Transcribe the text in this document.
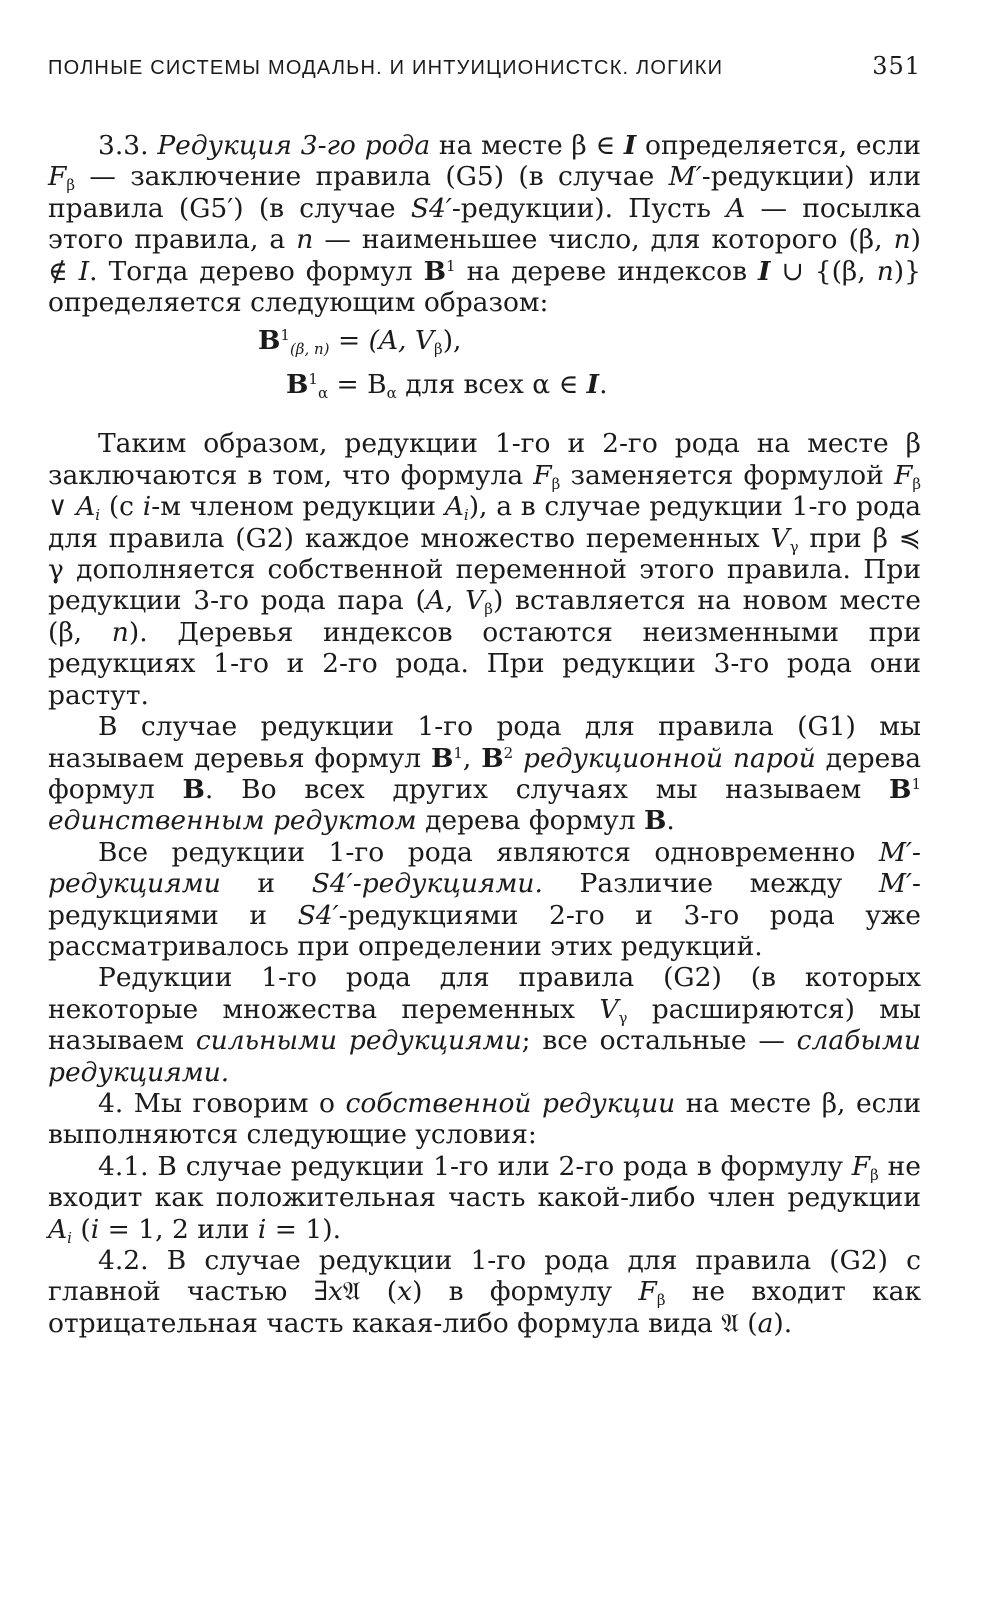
ПОЛНЫЕ СИСТЕМЫ МОДАЛЬН. И ИНТУИЦИОНИСТСК. ЛОГИКИ	351

3.3. Редукция 3-го рода на месте β ∈ I определяется, если $F_\beta$ — заключение правила (G5) (в случае M′-редукции) или правила (G5′) (в случае S4′-редукции). Пусть A — посылка этого правила, а n — наименьшее число, для которого (β, n) ∉ I. Тогда дерево формул $B^1$ на дереве индексов I ∪ {(β, n)} определяется следующим образом:

$B^1_{(\beta, n)} = (A$, $V_\beta$),
$B^1_\alpha = B_\alpha$ для всех α ∈ I.

Таким образом, редукции 1-го и 2-го рода на месте β заключаются в том, что формула $F_\beta$ заменяется формулой $F_\beta$ ∨ $A_i$ (с i-м членом редукции $A_i$), а в случае редукции 1-го рода для правила (G2) каждое множество переменных $V_\gamma$ при β ≼ γ дополняется собственной переменной этого правила. При редукции 3-го рода пара (A, $V_\beta$) вставляется на новом месте (β, n). Деревья индексов остаются неизменными при редукциях 1-го и 2-го рода. При редукции 3-го рода они растут.

В случае редукции 1-го рода для правила (G1) мы называем деревья формул $B^1$, $B^2$ редукционной парой дерева формул B. Во всех других случаях мы называем $B^1$ единственным редуктом дерева формул B.

Все редукции 1-го рода являются одновременно M′-редукциями и S4′-редукциями. Различие между M′-редукциями и S4′-редукциями 2-го и 3-го рода уже рассматривалось при определении этих редукций.

Редукции 1-го рода для правила (G2) (в которых некоторые множества переменных $V_\gamma$ расширяются) мы называем сильными редукциями; все остальные — слабыми редукциями.

4. Мы говорим о собственной редукции на месте β, если выполняются следующие условия:

4.1. В случае редукции 1-го или 2-го рода в формулу $F_\beta$ не входит как положительная часть какой-либо член редукции $A_i$ (i = 1, 2 или i = 1).

4.2. В случае редукции 1-го рода для правила (G2) с главной частью ∃x𝔄 (x) в формулу $F_\beta$ не входит как отрицательная часть какая-либо формула вида 𝔄 (a).
